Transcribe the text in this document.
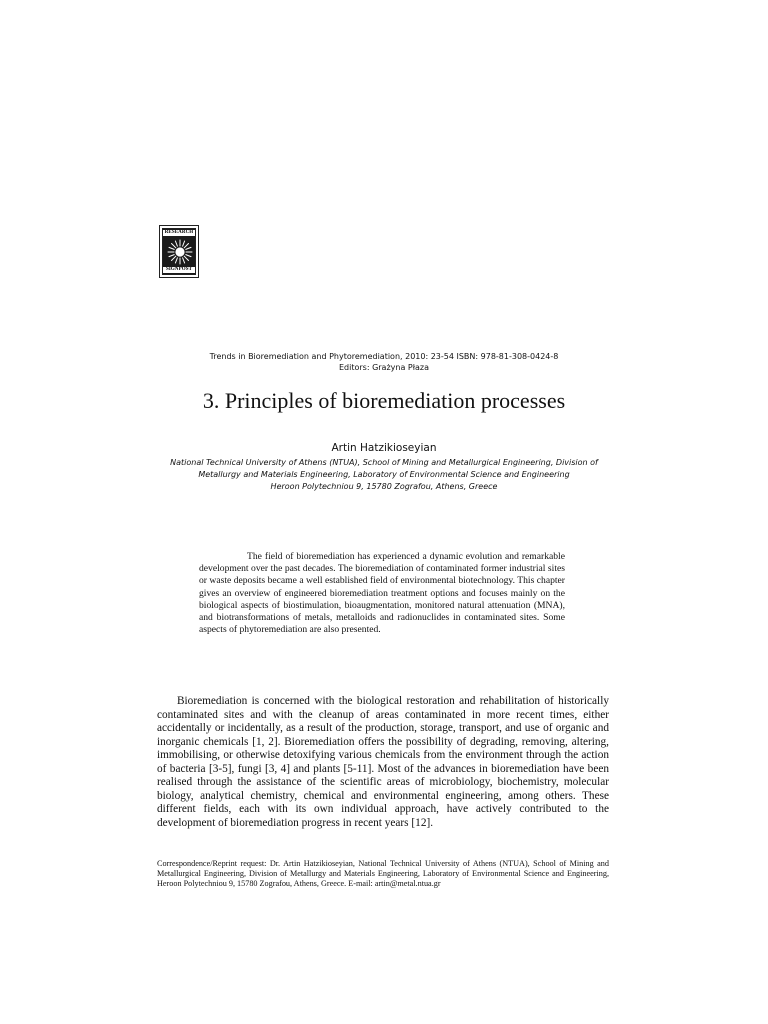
RESEARCH
SIGNPOST
Trends in Bioremediation and Phytoremediation, 2010: 23-54 ISBN: 978-81-308-0424-8
Editors: Grażyna Płaza
3. Principles of bioremediation processes
Artin Hatzikioseyian
National Technical University of Athens (NTUA), School of Mining and Metallurgical Engineering, Division of
Metallurgy and Materials Engineering, Laboratory of Environmental Science and Engineering
Heroon Polytechniou 9, 15780 Zografou, Athens, Greece

The field of bioremediation has experienced a dynamic evolution and remarkable development over the past decades. The bioremediation of contaminated former industrial sites or waste deposits became a well established field of environmental biotechnology. This chapter gives an overview of engineered bioremediation treatment options and focuses mainly on the biological aspects of biostimulation, bioaugmentation, monitored natural attenuation (MNA), and biotransformations of metals, metalloids and radionuclides in contaminated sites. Some aspects of phytoremediation are also presented.

Bioremediation is concerned with the biological restoration and rehabilitation of historically contaminated sites and with the cleanup of areas contaminated in more recent times, either accidentally or incidentally, as a result of the production, storage, transport, and use of organic and inorganic chemicals [1, 2]. Bioremediation offers the possibility of degrading, removing, altering, immobilising, or otherwise detoxifying various chemicals from the environment through the action of bacteria [3-5], fungi [3, 4] and plants [5-11]. Most of the advances in bioremediation have been realised through the assistance of the scientific areas of microbiology, biochemistry, molecular biology, analytical chemistry, chemical and environmental engineering, among others. These different fields, each with its own individual approach, have actively contributed to the development of bioremediation progress in recent years [12].

Correspondence/Reprint request: Dr. Artin Hatzikioseyian, National Technical University of Athens (NTUA), School of Mining and Metallurgical Engineering, Division of Metallurgy and Materials Engineering, Laboratory of Environmental Science and Engineering, Heroon Polytechniou 9, 15780 Zografou, Athens, Greece. E-mail: artin@metal.ntua.gr
